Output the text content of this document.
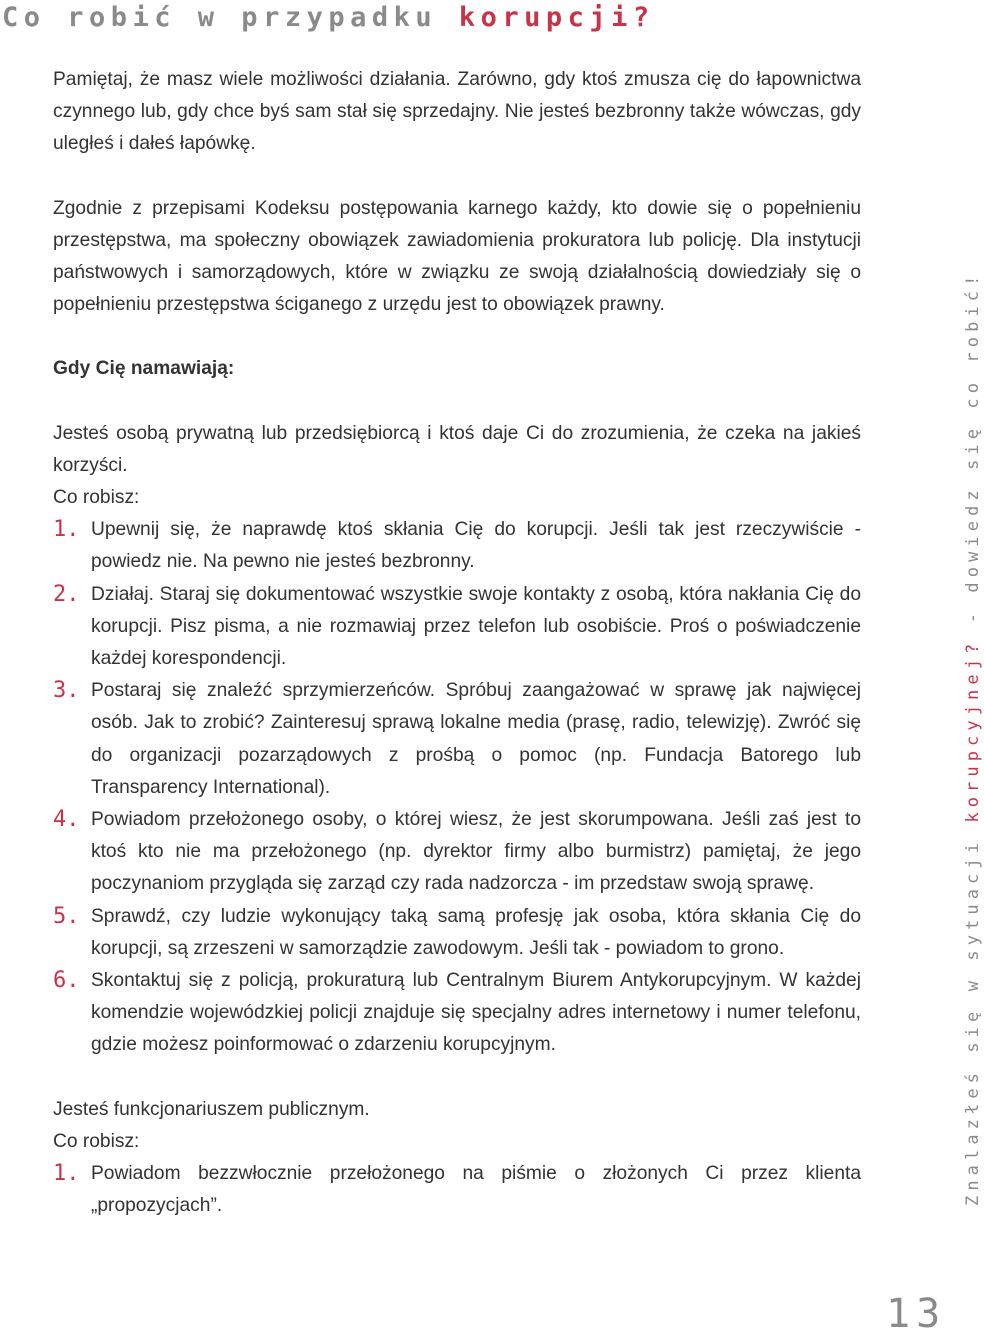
Co robić w przypadku korupcji?

Pamiętaj, że masz wiele możliwości działania. Zarówno, gdy ktoś zmusza cię do łapownictwa czynnego lub, gdy chce byś sam stał się sprzedajny. Nie jesteś bezbronny także wówczas, gdy uległeś i dałeś łapówkę.

Zgodnie z przepisami Kodeksu postępowania karnego każdy, kto dowie się o popełnieniu przestępstwa, ma społeczny obowiązek zawiadomienia prokuratora lub policję. Dla instytucji państwowych i samorządowych, które w związku ze swoją działalnością dowiedziały się o popełnieniu przestępstwa ściganego z urzędu jest to obowiązek prawny.

Gdy Cię namawiają:

Jesteś osobą prywatną lub przedsiębiorcą i ktoś daje Ci do zrozumienia, że czeka na jakieś korzyści.

Co robisz:

1. Upewnij się, że naprawdę ktoś skłania Cię do korupcji. Jeśli tak jest rzeczywiście - powiedz nie. Na pewno nie jesteś bezbronny.
2. Działaj. Staraj się dokumentować wszystkie swoje kontakty z osobą, która nakłania Cię do korupcji. Pisz pisma, a nie rozmawiaj przez telefon lub osobiście. Proś o poświadczenie każdej korespondencji.
3. Postaraj się znaleźć sprzymierzeńców. Spróbuj zaangażować w sprawę jak najwięcej osób. Jak to zrobić? Zainteresuj sprawą lokalne media (prasę, radio, telewizję). Zwróć się do organizacji pozarządowych z prośbą o pomoc (np. Fundacja Batorego lub Transparency International).
4. Powiadom przełożonego osoby, o której wiesz, że jest skorumpowana. Jeśli zaś jest to ktoś kto nie ma przełożonego (np. dyrektor firmy albo burmistrz) pamiętaj, że jego poczynaniom przygląda się zarząd czy rada nadzorcza - im przedstaw swoją sprawę.
5. Sprawdź, czy ludzie wykonujący taką samą profesję jak osoba, która skłania Cię do korupcji, są zrzeszeni w samorządzie zawodowym. Jeśli tak - powiadom to grono.
6. Skontaktuj się z policją, prokuraturą lub Centralnym Biurem Antykorupcyjnym. W każdej komendzie wojewódzkiej policji znajduje się specjalny adres internetowy i numer telefonu, gdzie możesz poinformować o zdarzeniu korupcyjnym.

Jesteś funkcjonariuszem publicznym.

Co robisz:

1. Powiadom bezzwłocznie przełożonego na piśmie o złożonych Ci przez klienta „propozycjach”.	Znalazłeś się w sytuacji korupcyjnej? - dowiedz się co robić!
13
